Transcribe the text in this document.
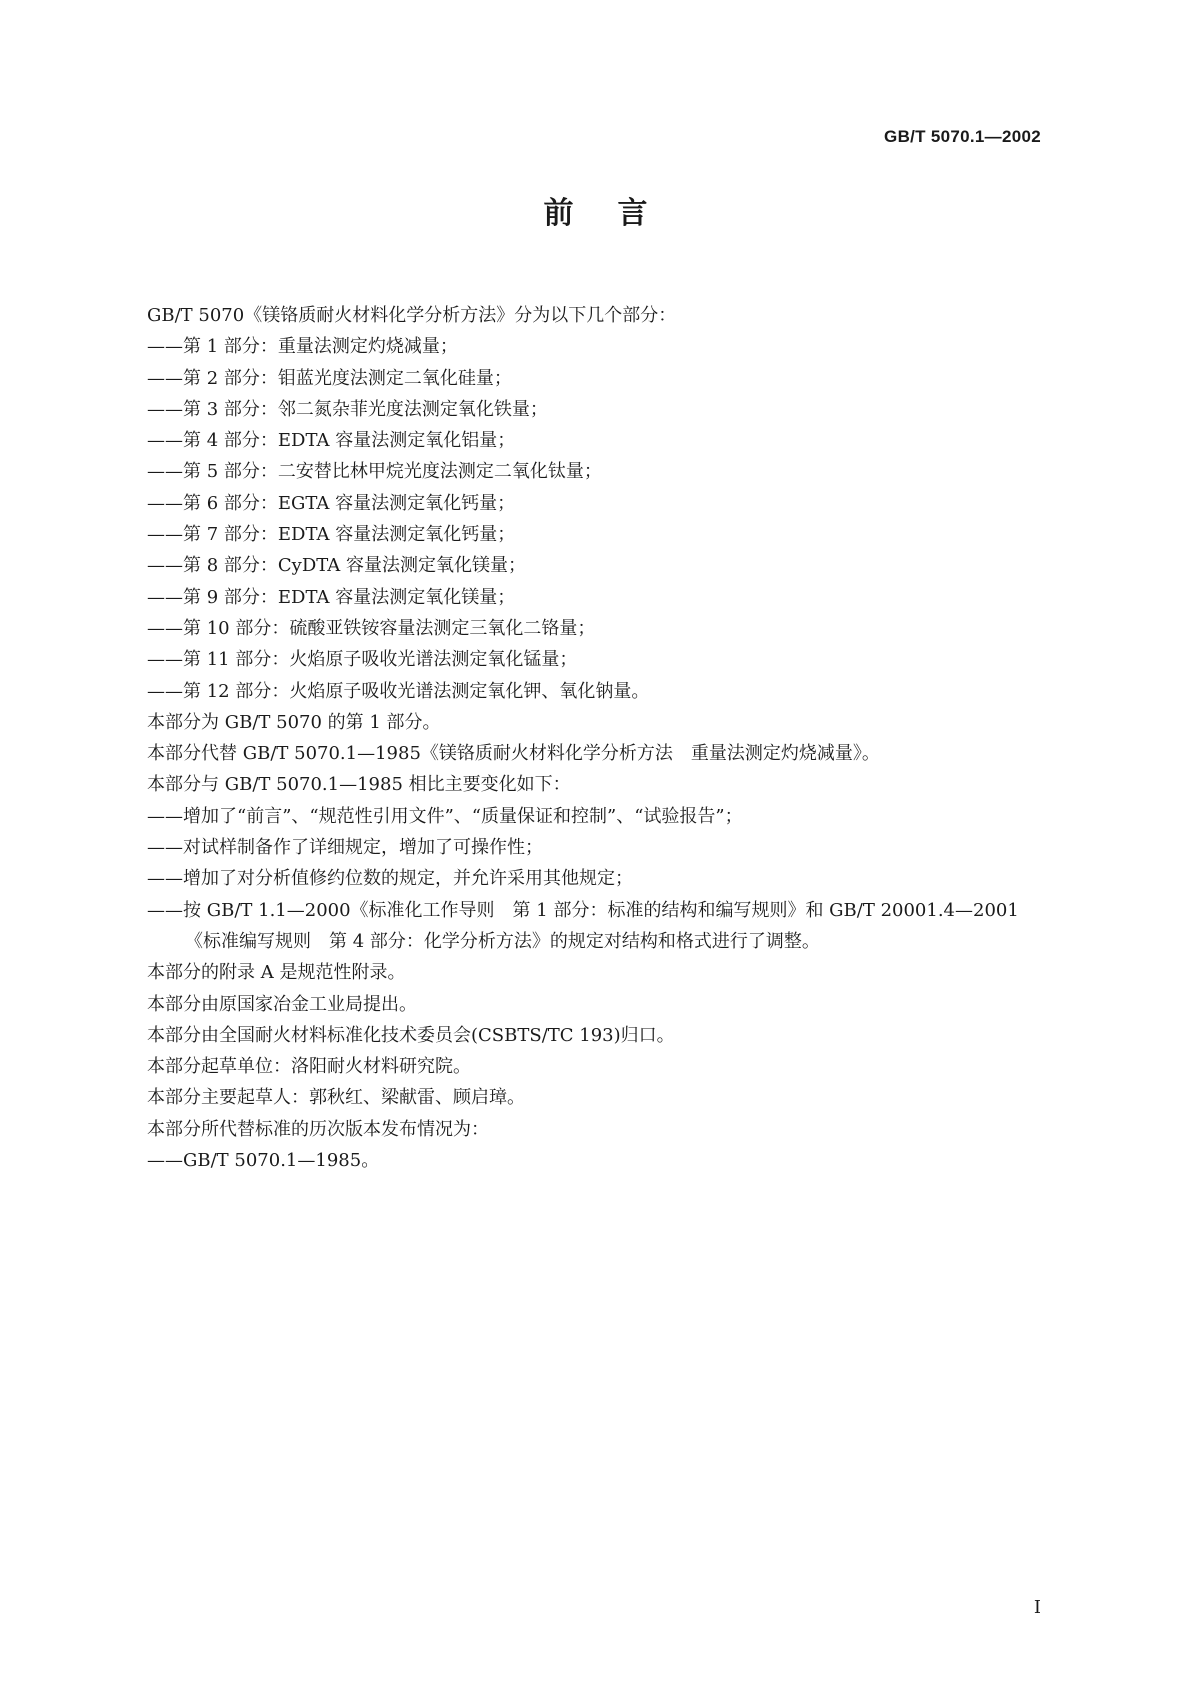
GB/T 5070.1—2002
前言
GB/T 5070《镁铬质耐火材料化学分析方法》分为以下几个部分：
——第 1 部分：重量法测定灼烧减量；
——第 2 部分：钼蓝光度法测定二氧化硅量；
——第 3 部分：邻二氮杂菲光度法测定氧化铁量；
——第 4 部分：EDTA 容量法测定氧化铝量；
——第 5 部分：二安替比林甲烷光度法测定二氧化钛量；
——第 6 部分：EGTA 容量法测定氧化钙量；
——第 7 部分：EDTA 容量法测定氧化钙量；
——第 8 部分：CyDTA 容量法测定氧化镁量；
——第 9 部分：EDTA 容量法测定氧化镁量；
——第 10 部分：硫酸亚铁铵容量法测定三氧化二铬量；
——第 11 部分：火焰原子吸收光谱法测定氧化锰量；
——第 12 部分：火焰原子吸收光谱法测定氧化钾、氧化钠量。
本部分为 GB/T 5070 的第 1 部分。
本部分代替 GB/T 5070.1—1985《镁铬质耐火材料化学分析方法　重量法测定灼烧减量》。
本部分与 GB/T 5070.1—1985 相比主要变化如下：
——增加了“前言”、“规范性引用文件”、“质量保证和控制”、“试验报告”；
——对试样制备作了详细规定，增加了可操作性；
——增加了对分析值修约位数的规定，并允许采用其他规定；
——按 GB/T 1.1—2000《标准化工作导则　第 1 部分：标准的结构和编写规则》和 GB/T 20001.4—2001《标准编写规则　第 4 部分：化学分析方法》的规定对结构和格式进行了调整。
本部分的附录 A 是规范性附录。
本部分由原国家冶金工业局提出。
本部分由全国耐火材料标准化技术委员会(CSBTS/TC 193)归口。
本部分起草单位：洛阳耐火材料研究院。
本部分主要起草人：郭秋红、梁献雷、顾启璋。
本部分所代替标准的历次版本发布情况为：
——GB/T 5070.1—1985。
I
